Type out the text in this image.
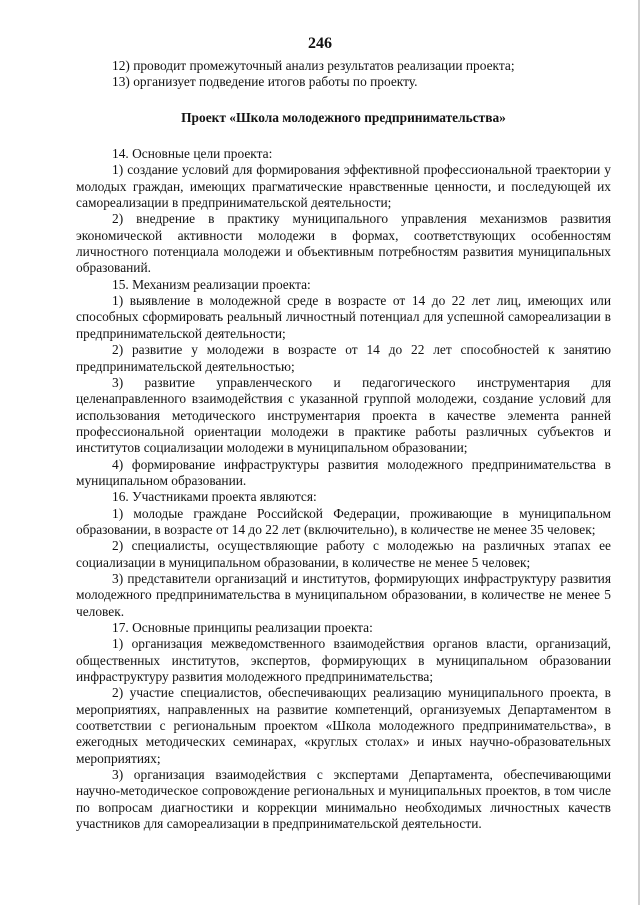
246

12) проводит промежуточный анализ результатов реализации проекта;

13) организует подведение итогов работы по проекту.

Проект «Школа молодежного предпринимательства»

14. Основные цели проекта:

1) создание условий для формирования эффективной профессиональной траектории у молодых граждан, имеющих прагматические нравственные ценности, и последующей их самореализации в предпринимательской деятельности;

2) внедрение в практику муниципального управления механизмов развития экономической активности молодежи в формах, соответствующих особенностям личностного потенциала молодежи и объективным потребностям развития муниципальных образований.

15. Механизм реализации проекта:

1) выявление в молодежной среде в возрасте от 14 до 22 лет лиц, имеющих или способных сформировать реальный личностный потенциал для успешной самореализации в предпринимательской деятельности;

2) развитие у молодежи в возрасте от 14 до 22 лет способностей к занятию предпринимательской деятельностью;

3) развитие управленческого и педагогического инструментария для целенаправленного взаимодействия с указанной группой молодежи, создание условий для использования методического инструментария проекта в качестве элемента ранней профессиональной ориентации молодежи в практике работы различных субъектов и институтов социализации молодежи в муниципальном образовании;

4) формирование инфраструктуры развития молодежного предпринимательства в муниципальном образовании.

16. Участниками проекта являются:

1) молодые граждане Российской Федерации, проживающие в муниципальном образовании, в возрасте от 14 до 22 лет (включительно), в количестве не менее 35 человек;

2) специалисты, осуществляющие работу с молодежью на различных этапах ее социализации в муниципальном образовании, в количестве не менее 5 человек;

3) представители организаций и институтов, формирующих инфраструктуру развития молодежного предпринимательства в муниципальном образовании, в количестве не менее 5 человек.

17. Основные принципы реализации проекта:

1) организация межведомственного взаимодействия органов власти, организаций, общественных институтов, экспертов, формирующих в муниципальном образовании инфраструктуру развития молодежного предпринимательства;

2) участие специалистов, обеспечивающих реализацию муниципального проекта, в мероприятиях, направленных на развитие компетенций, организуемых Департаментом в соответствии с региональным проектом «Школа молодежного предпринимательства», в ежегодных методических семинарах, «круглых столах» и иных научно-образовательных мероприятиях;

3) организация взаимодействия с экспертами Департамента, обеспечивающими научно-методическое сопровождение региональных и муниципальных проектов, в том числе по вопросам диагностики и коррекции минимально необходимых личностных качеств участников для самореализации в предпринимательской деятельности.
